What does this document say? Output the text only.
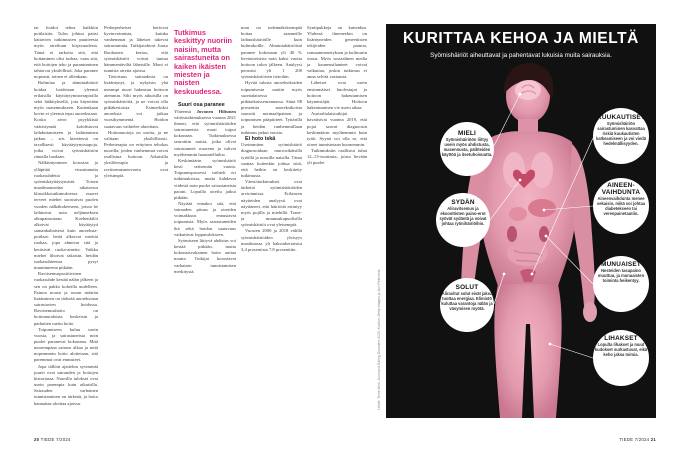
tat hoidot tehoa kaikkiin potilaisiin. Tulos johtuu paitsi kattavien tutkimusten puutteesta myös oireiluun kirjavuudesta. Tämä ei tarkoita sitä, että hoitaminen olisi turhaa, vaan sitä, että hoitojen teho ja parantuminen tahtoivat yksilöllisiä. Joka paranee nopeasti, toinen ei ollenkaan.

Bulimiaa ja ahmintahäiriö hoidaa hoidetaan yleensä erilaisilla käyttäytymisterapioilla sekä lääkityksellä, jota käytetään myös masennukseen. Kuitenkaan kovin ei yleensä tepsi anoreksiaan. Koska aivot psyykkistä vääristymää kohdistuvat laihduttamiseen ja laihtuminen jatkuu – siis kiertäessä on tavallisesti käyttäytymistapoja, jotka voivat syömishäiriön rinnalla luodaan.

Nälkiintyminen korostaa ja ylläpitää vinoutunutta ruokasuhdetta ja syömiskäyttäytymistä. Toisen maailmansodan aikaisessa klassikkotutkimuksessa nuoret terveet miehet suostuivat puolen vuoden nälkäkokeeseen, joissa he laihtuivat noin neljänneksen alkupainostaan. Koehenkilöt alkoivat käyttäytyä samankaltaisesti kuin anoreksia-potilaat: heitä alkoivat miettiä ruokaa, jopa ahmivat sitä ja keräsivät ruoka-aineita. Vaikka miehet lihoivat takaisin, heidän ruokasuhteensa pysyi muuttuneena pitkään.

Ravitsemuspositiivinen ruokasuhde kestää nälän jälkeen ja sen on pakko kokeilla uudelleen. Painon nousu ja ruoan määrän lisääminen on tärkeää anoreksiaan sairastavien hoidossa. Ravitsemushoito on hoitomuodoista keskeisin ja parhaiten tuettu hoito.

Toipumiseen kuluu usein vuosia, ja sairastuneista noin puolet paranevat kokonaan. Mitä nuorempana sairaus alkaa ja mitä nopeammin hoito aloitetaan, sitä paremmat ovat ennusteet.

Jopa tällöin ajattelun syvimmät juuret ovat sairauden ja hoitojen historiassa. Nuorilla tulokset ovat usein parempia kuin aikuisilla. Sairauden varhainen tunnistaminen on tärkeää, ja hoito kannattaa aloittaa ajoissa.

Perheperheiset kertovat hyvinvoinnista, kuinka vanhemmat ja läheiset tukevat sairastunutta. Tutkijatohtori Juuso Ruohonen kertoo, että syömishäiriöt voivat tuntua hämmentäviltä läheisille. Moni ei tunnista oireita ajoissa.

Tietoisuus sairaudesta on lisääntynyt, ja nykyisin yhä useampi nuori hakeutuu hoitoon aiemmin. Silti myös aikuisilla on syömishäiriöitä, ja ne voivat olla pitkäkestoisia. Esimerkiksi anoreksia voi jatkua vuosikymmeniä. Hoidon saatavuus vaihtelee alueittain.

Hoitomuotoja on useita, ja ne valitaan yksilöllisesti. Perheterapia on erityisen tehokas nuorilla, joiden vanhemmat voivat osallistua hoitoon. Aikuisilla yksilöterapia ja ravitsemusneuvonta ovat yleisimpiä.

Tutkimus keskittyy nuoriin naisiin, mutta sairastuneita on kaiken ikäisten miesten ja naisten keskuudessa.

Suuri osa paranee

Yhteensä Juvonen Hiltunen väitöstutkimuksessa vuonna 2021 ilmeni, että syömishäiriöiden sairastaneista moni toipui kokonaan. Tutkimuksessa seurattiin naisia, jotka olivat sairastuneet nuorena ja tulivat myöhemmin haastatelluiksi.

Keskimäärin syömishäiriö kesti seitsemän vuotta. Toipumisprosessi vaihteli eri tutkimuksissa, mutta kahdessa viidestä noin puolet sairastaneista parani. Lopuilla oireilu jatkui pitkään.

Näyttää ennakoi sitä, että sairauden pituus ja oireiden voimakkuus ennustavat toipumista. Myös sairastuneiden ikä sekä hoidon saatavuus vaikuttivat lopputulokseen.

Syömiseen liittyvä ahdistus voi kestää pitkään, mutta kokonaisvaltainen hoito auttaa monia. Tutkijat korostavat varhaisen tunnistamisen merkitystä.

mon on todennäköisempää hoitaa saanneille laihuushäiriöille kuin bulimikoille. Ahmintahäiriöistä paranee kokonaan yli 40 % lieväoireisista noin kaksi vuotta hoitoon tulon jälkeen. Analyysi perustui yli 1 200 syömishäiriöisen tietoihin.

Hyvää tulosta anoreksikoiden toipumisesta saatiin myös suomalaisessa pitkäaikaisseurannassa. Siinä 88 prosenttia anoreksikoista saavutti normaalipainon ja toipumisen pääpiirteet. Tyttärillä ja heidän vanhemmillaan tutkimus jatkui vuosia.

Ei hoto iskä

Useimmiten syömishäiriö diagnosoidaan murrosikäisillä tytöillä ja nuorilla naisilla. Tämä saattaa kuitenkin johtua siitä, että heihin on keskitetty tutkimusta.

Väestötutkimukset ovat tärkeitä syömishäiriöiden arvioinnissa. Erilaisten näytteiden analyysit ovat näyttäneet, että häiriöitä esiintyy myös pojilla ja miehillä. Trans- ja muunsukupuolisilla syömishäiriöt ovat yleisempiä.

Vuosien 2000 ja 2018 välillä syömishäiriöiden yleisyys maailmassa yli kaksinkertaistui 3,4 prosentista 7,8 prosenttiin.

Syntipukkeja on kuitenkin. Yhdessä ilmeneekin on lisäntyneiden geneettisten tekijöiden painon, runsaanmenetyksen ja kulttuurin osuus. Myös sosiaalinen media ja kauneusihanteet voivat vaikuttaa, joskin tutkimus ei anna selvää vastausta.

Läheiset ovat usein ensimmäiset huolestujat ja hoitoon hakeutumisen käynnistäjät. Hoitoon hakeutuminen vie usein aikaa.

Australialaistutkijat havaitsivat vuonna 2019, että pojat saavat diagnoosin keskimäärin myöhemmin kuin tytöt. Syynä voi olla se, että oireet tunnistetaan huonommin.

Tutkimuksiin osallistui tuhat 12–13-vuotiasta, joista lievään yli puolet

Lähde: Terve Mieli, Journal of Eating Disorders 2023, Kuvitus: Getty Images ja Jani Pirttiniemi
KURITTAA KEHOA JA MIELTÄ
Syömishäiriöt aiheuttavat ja pahentavat lukuisia muita sairauksia.
MIELI
Syömishäiriöön liittyy usein myös ahdistusta, masennusta, päihteiden käyttöä ja itsetuhoisuutta.
SYDÄN
Aliravitsemus ja eksoottisten paino-erot syövät sydäntä ja voivat johtaa rytmihäiriöihin.
SOLUT
Aliravitut solut eivät jaksa tuottaa energiaa. Elimistö kuluttaa varantoja nälän ja väsymisen myötä.
KUUKAUTISET
Syömishäiriön sairastuminen kasvattaa riskiä kuukautisten katkeamiseen ja voi viedä hedelmällisyyden.
AINEEN-
VAIHDUNTA
Aineenvaihdunta menee sekaisin, mikä voi johtaa diabetekseen tai verenpainetautiin.
MUNUAISET
Nesteiden tasapaino muuttuu, ja munuaisten toiminta heikentyy.
LIHAKSET
Lopulta lihakset ja muut kudokset surkastuvat, eikä keho jaksa toimia.
20 TIEDE 7/2024	TIEDE 7/2024 21
